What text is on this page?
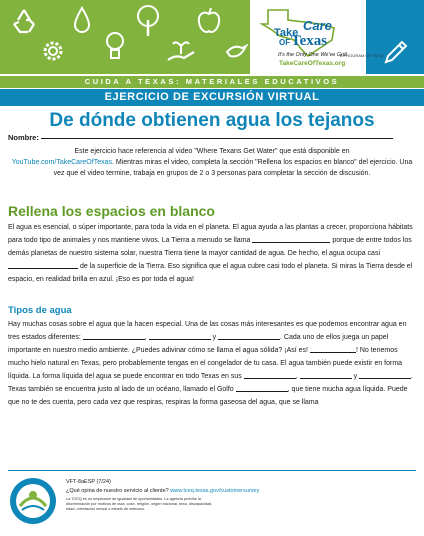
Take Care
OF Texas
It's the Only One We've Got!
TakeCareOfTexas.org
A PROGRAM OF TCEQ
CUIDA A TEXAS: MATERIALES EDUCATIVOS
EJERCICIO DE EXCURSIÓN VIRTUAL
De dónde obtienen agua los tejanos
Nombre:
Este ejercicio hace referencia al video "Where Texans Get Water" que está disponible en
YouTube.com/TakeCareOfTexas. Mientras miras el video, completa la sección "Rellena los espacios en blanco" del ejercicio. Una vez que el video termine, trabaja en grupos de 2 o 3 personas para completar la sección de discusión.
Rellena los espacios en blanco
El agua es esencial, o súper importante, para toda la vida en el planeta. El agua ayuda a las plantas a crecer, proporciona hábitats para todo tipo de animales y nos mantiene vivos. La Tierra a menudo se llama	porque de entre todos los demás planetas de nuestro sistema solar, nuestra Tierra tiene la mayor cantidad de agua. De hecho, el agua ocupa casi  de la superficie de la Tierra. Eso significa que el agua cubre casi todo el planeta. Si miras la Tierra desde el espacio, en realidad brilla en azul. ¡Eso es por toda el agua!
Tipos de agua
Hay muchas cosas sobre el agua que la hacen especial. Una de las cosas más interesantes es que podemos encontrar agua en tres estados diferentes:	,	y	. Cada uno de ellos juega un papel importante en nuestro medio ambiente. ¿Puedes adivinar cómo se llama el agua sólida? ¡Así es!	! No tenemos mucho hielo natural en Texas, pero probablemente tengas en el congelador de tu casa. El agua también puede existir en forma líquida. La forma líquida del agua se puede encontrar en todo Texas en sus	,	y	. Texas también se encuentra justo al lado de un océano, llamado el Golfo	, que tiene mucha agua líquida. Puede que no te des cuenta, pero cada vez que respiras, respiras la forma gaseosa del agua, que se llama
VFT-8aESP (7/24)
¿Qué opina de nuestro servicio al cliente? www.tceq.texas.gov/customersurvey
La TCEQ es un empleador de igualdad de oportunidades. La agencia prohíbe la discriminación por motivos de raza, color, religión, origen nacional, sexo, discapacidad, edad, orientación sexual o estado de veterano.
